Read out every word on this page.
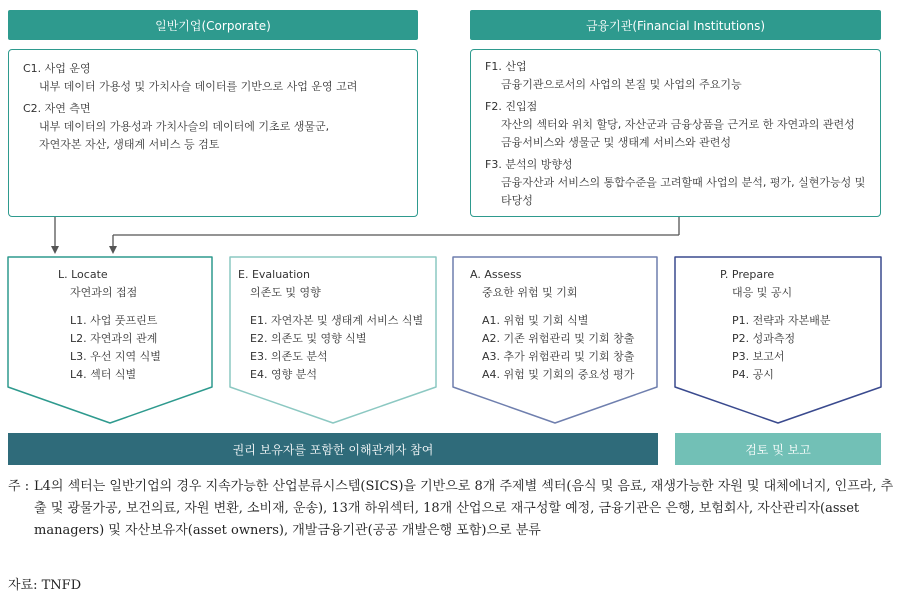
일반기업(Corporate)	금융기관(Financial Institutions)
C1. 사업 운영
내부 데이터 가용성 및 가치사슬 데이터를 기반으로 사업 운영 고려
C2. 자연 측면
내부 데이터의 가용성과 가치사슬의 데이터에 기초로 생물군,
자연자본 자산, 생태계 서비스 등 검토
F1. 산업
금융기관으로서의 사업의 본질 및 사업의 주요기능
F2. 진입점
자산의 섹터와 위치 할당, 자산군과 금융상품을 근거로 한 자연과의 관련성
금융서비스와 생물군 및 생태계 서비스와 관련성
F3. 분석의 방향성
금융자산과 서비스의 통합수준을 고려할때 사업의 분석, 평가, 실현가능성 및
타당성
L. Locate
자연과의 접점
L1. 사업 풋프린트
L2. 자연과의 관계
L3. 우선 지역 식별
L4. 섹터 식별
E. Evaluation
의존도 및 영향
E1. 자연자본 및 생태계 서비스 식별
E2. 의존도 및 영향 식별
E3. 의존도 분석
E4. 영향 분석
A. Assess
중요한 위험 및 기회
A1. 위험 및 기회 식별
A2. 기존 위험관리 및 기회 창출
A3. 추가 위험관리 및 기회 창출
A4. 위험 및 기회의 중요성 평가
P. Prepare
대응 및 공시
P1. 전략과 자본배분
P2. 성과측정
P3. 보고서
P4. 공시
권리 보유자를 포함한 이해관계자 참여	검토 및 보고
주 : L4의 섹터는 일반기업의 경우 지속가능한 산업분류시스템(SICS)을 기반으로 8개 주제별 섹터(음식 및 음료, 재생가능한 자원 및 대체에너지, 인프라, 추출 및 광물가공, 보건의료, 자원 변환, 소비재, 운송), 13개 하위섹터, 18개 산업으로 재구성할 예정, 금융기관은 은행, 보험회사, 자산관리자(asset managers) 및 자산보유자(asset owners), 개발금융기관(공공 개발은행 포함)으로 분류
자료: TNFD
